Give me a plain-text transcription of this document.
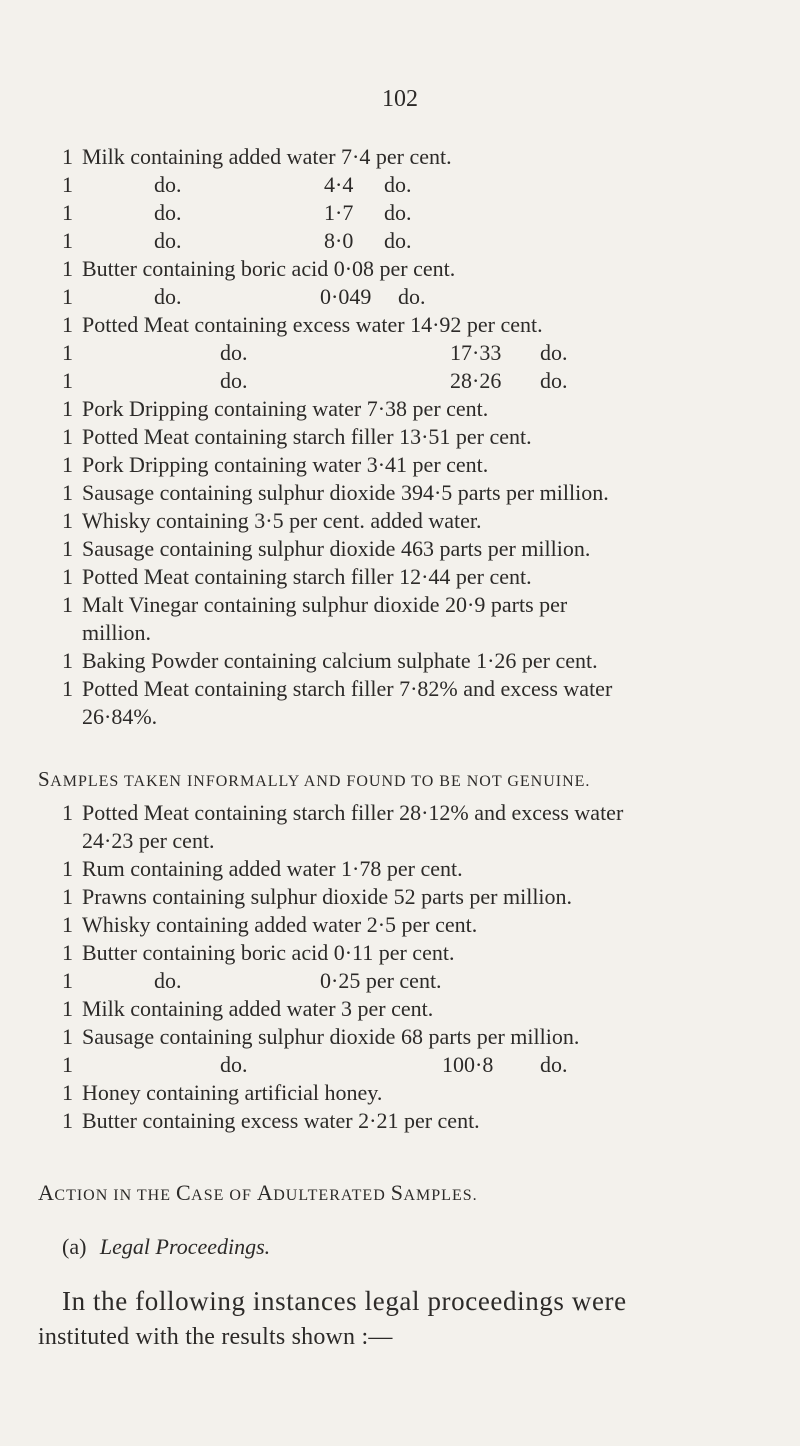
102
1 Milk containing added water 7·4 per cent.
1	do.	4·4 do.
1	do.	1·7 do.
1	do.	8·0 do.
1 Butter containing boric acid 0·08 per cent.
1	do.	0·049 do.
1 Potted Meat containing excess water 14·92 per cent.
1	do.	17·33 do.
1	do.	28·26 do.
1 Pork Dripping containing water 7·38 per cent.
1 Potted Meat containing starch filler 13·51 per cent.
1 Pork Dripping containing water 3·41 per cent.
1 Sausage containing sulphur dioxide 394·5 parts per million.
1 Whisky containing 3·5 per cent. added water.
1 Sausage containing sulphur dioxide 463 parts per million.
1 Potted Meat containing starch filler 12·44 per cent.
1 Malt Vinegar containing sulphur dioxide 20·9 parts per
million.
1 Baking Powder containing calcium sulphate 1·26 per cent.
1 Potted Meat containing starch filler 7·82% and excess water
26·84%.
SAMPLES TAKEN INFORMALLY AND FOUND TO BE NOT GENUINE.
1 Potted Meat containing starch filler 28·12% and excess water
24·23 per cent.
1 Rum containing added water 1·78 per cent.
1 Prawns containing sulphur dioxide 52 parts per million.
1 Whisky containing added water 2·5 per cent.
1 Butter containing boric acid 0·11 per cent.
1	do.	0·25 per cent.
1 Milk containing added water 3 per cent.
1 Sausage containing sulphur dioxide 68 parts per million.
1	do.	100·8 do.
1 Honey containing artificial honey.
1 Butter containing excess water 2·21 per cent.
ACTION IN THE CASE OF ADULTERATED SAMPLES.
(a) Legal Proceedings.
In the following instances legal proceedings were
instituted with the results shown :—
